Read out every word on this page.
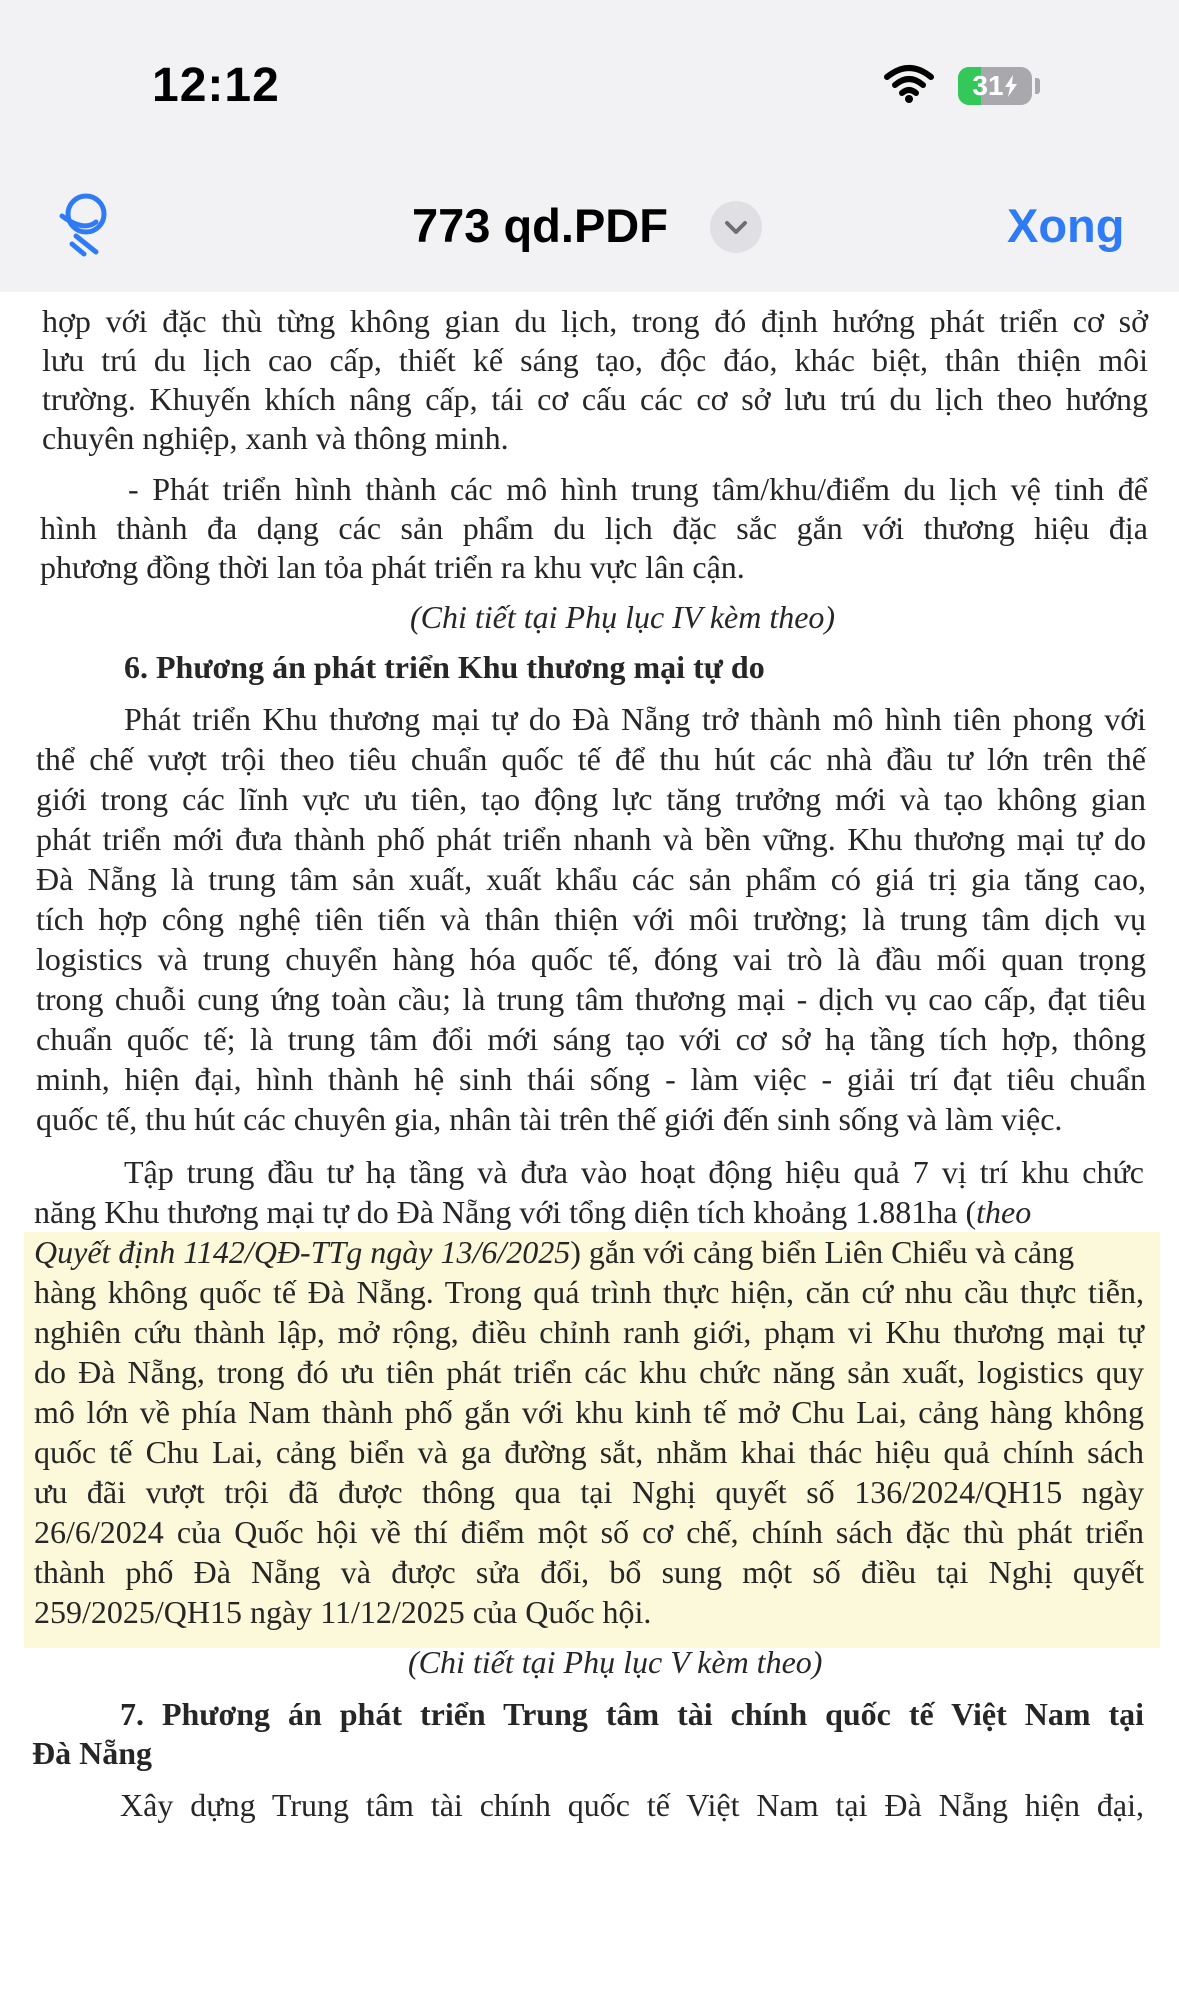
12:12	31
773 qd.PDF	Xong
hợp với đặc thù từng không gian du lịch, trong đó định hướng phát triển cơ sở
lưu trú du lịch cao cấp, thiết kế sáng tạo, độc đáo, khác biệt, thân thiện môi
trường. Khuyến khích nâng cấp, tái cơ cấu các cơ sở lưu trú du lịch theo hướng
chuyên nghiệp, xanh và thông minh.
- Phát triển hình thành các mô hình trung tâm/khu/điểm du lịch vệ tinh để
hình thành đa dạng các sản phẩm du lịch đặc sắc gắn với thương hiệu địa
phương đồng thời lan tỏa phát triển ra khu vực lân cận.
(Chi tiết tại Phụ lục IV kèm theo)
6. Phương án phát triển Khu thương mại tự do
Phát triển Khu thương mại tự do Đà Nẵng trở thành mô hình tiên phong với
thể chế vượt trội theo tiêu chuẩn quốc tế để thu hút các nhà đầu tư lớn trên thế
giới trong các lĩnh vực ưu tiên, tạo động lực tăng trưởng mới và tạo không gian
phát triển mới đưa thành phố phát triển nhanh và bền vững. Khu thương mại tự do
Đà Nẵng là trung tâm sản xuất, xuất khẩu các sản phẩm có giá trị gia tăng cao,
tích hợp công nghệ tiên tiến và thân thiện với môi trường; là trung tâm dịch vụ
logistics và trung chuyển hàng hóa quốc tế, đóng vai trò là đầu mối quan trọng
trong chuỗi cung ứng toàn cầu; là trung tâm thương mại - dịch vụ cao cấp, đạt tiêu
chuẩn quốc tế; là trung tâm đổi mới sáng tạo với cơ sở hạ tầng tích hợp, thông
minh, hiện đại, hình thành hệ sinh thái sống - làm việc - giải trí đạt tiêu chuẩn
quốc tế, thu hút các chuyên gia, nhân tài trên thế giới đến sinh sống và làm việc.
Tập trung đầu tư hạ tầng và đưa vào hoạt động hiệu quả 7 vị trí khu chức
năng Khu thương mại tự do Đà Nẵng với tổng diện tích khoảng 1.881ha (theo
Quyết định 1142/QĐ-TTg ngày 13/6/2025) gắn với cảng biển Liên Chiểu và cảng
hàng không quốc tế Đà Nẵng. Trong quá trình thực hiện, căn cứ nhu cầu thực tiễn,
nghiên cứu thành lập, mở rộng, điều chỉnh ranh giới, phạm vi Khu thương mại tự
do Đà Nẵng, trong đó ưu tiên phát triển các khu chức năng sản xuất, logistics quy
mô lớn về phía Nam thành phố gắn với khu kinh tế mở Chu Lai, cảng hàng không
quốc tế Chu Lai, cảng biển và ga đường sắt, nhằm khai thác hiệu quả chính sách
ưu đãi vượt trội đã được thông qua tại Nghị quyết số 136/2024/QH15 ngày
26/6/2024 của Quốc hội về thí điểm một số cơ chế, chính sách đặc thù phát triển
thành phố Đà Nẵng và được sửa đổi, bổ sung một số điều tại Nghị quyết
259/2025/QH15 ngày 11/12/2025 của Quốc hội.
(Chi tiết tại Phụ lục V kèm theo)
7. Phương án phát triển Trung tâm tài chính quốc tế Việt Nam tại
Đà Nẵng
Xây dựng Trung tâm tài chính quốc tế Việt Nam tại Đà Nẵng hiện đại,
